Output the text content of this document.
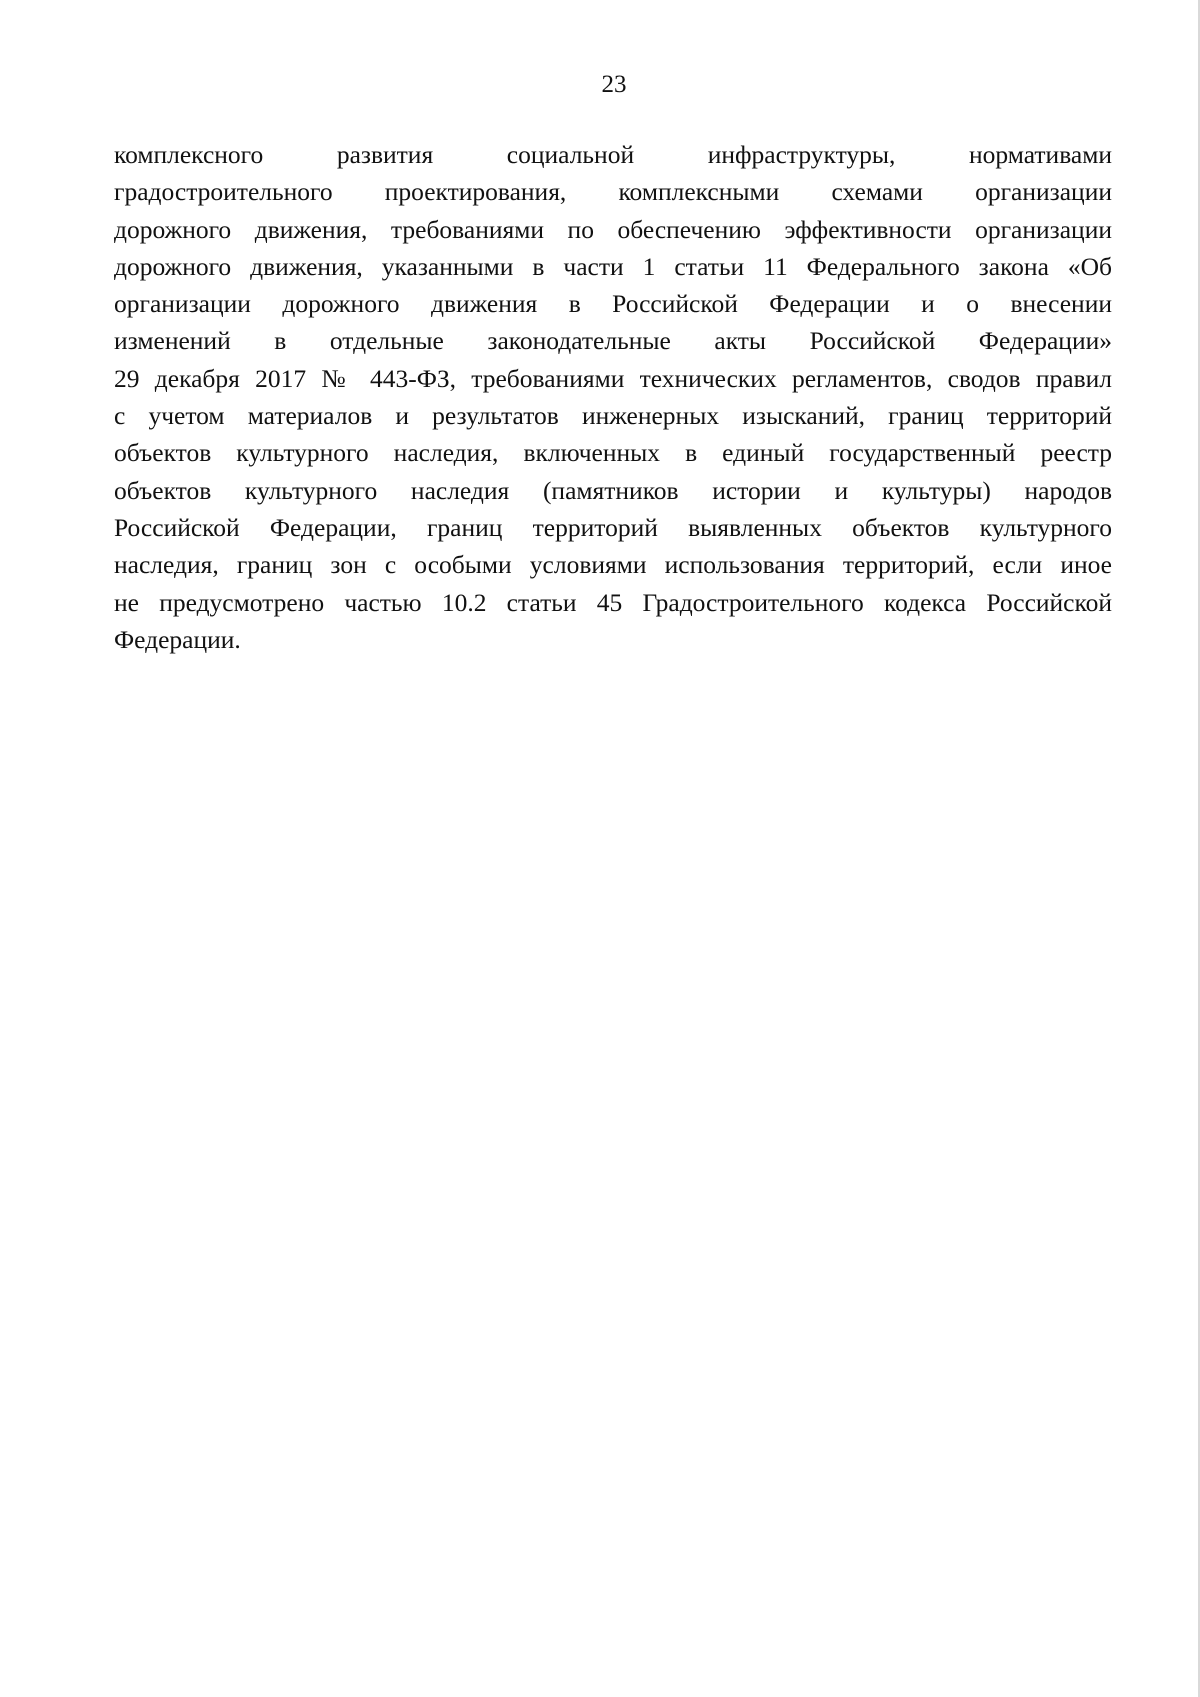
23
комплексного развития социальной инфраструктуры, нормативами
градостроительного проектирования, комплексными схемами организации
дорожного движения, требованиями по обеспечению эффективности организации
дорожного движения, указанными в части 1 статьи 11 Федерального закона «Об
организации дорожного движения в Российской Федерации и о внесении
изменений в отдельные законодательные акты Российской Федерации»
29 декабря 2017 № 443-ФЗ, требованиями технических регламентов, сводов правил
с учетом материалов и результатов инженерных изысканий, границ территорий
объектов культурного наследия, включенных в единый государственный реестр
объектов культурного наследия (памятников истории и культуры) народов
Российской Федерации, границ территорий выявленных объектов культурного
наследия, границ зон с особыми условиями использования территорий, если иное
не предусмотрено частью 10.2 статьи 45 Градостроительного кодекса Российской
Федерации.
